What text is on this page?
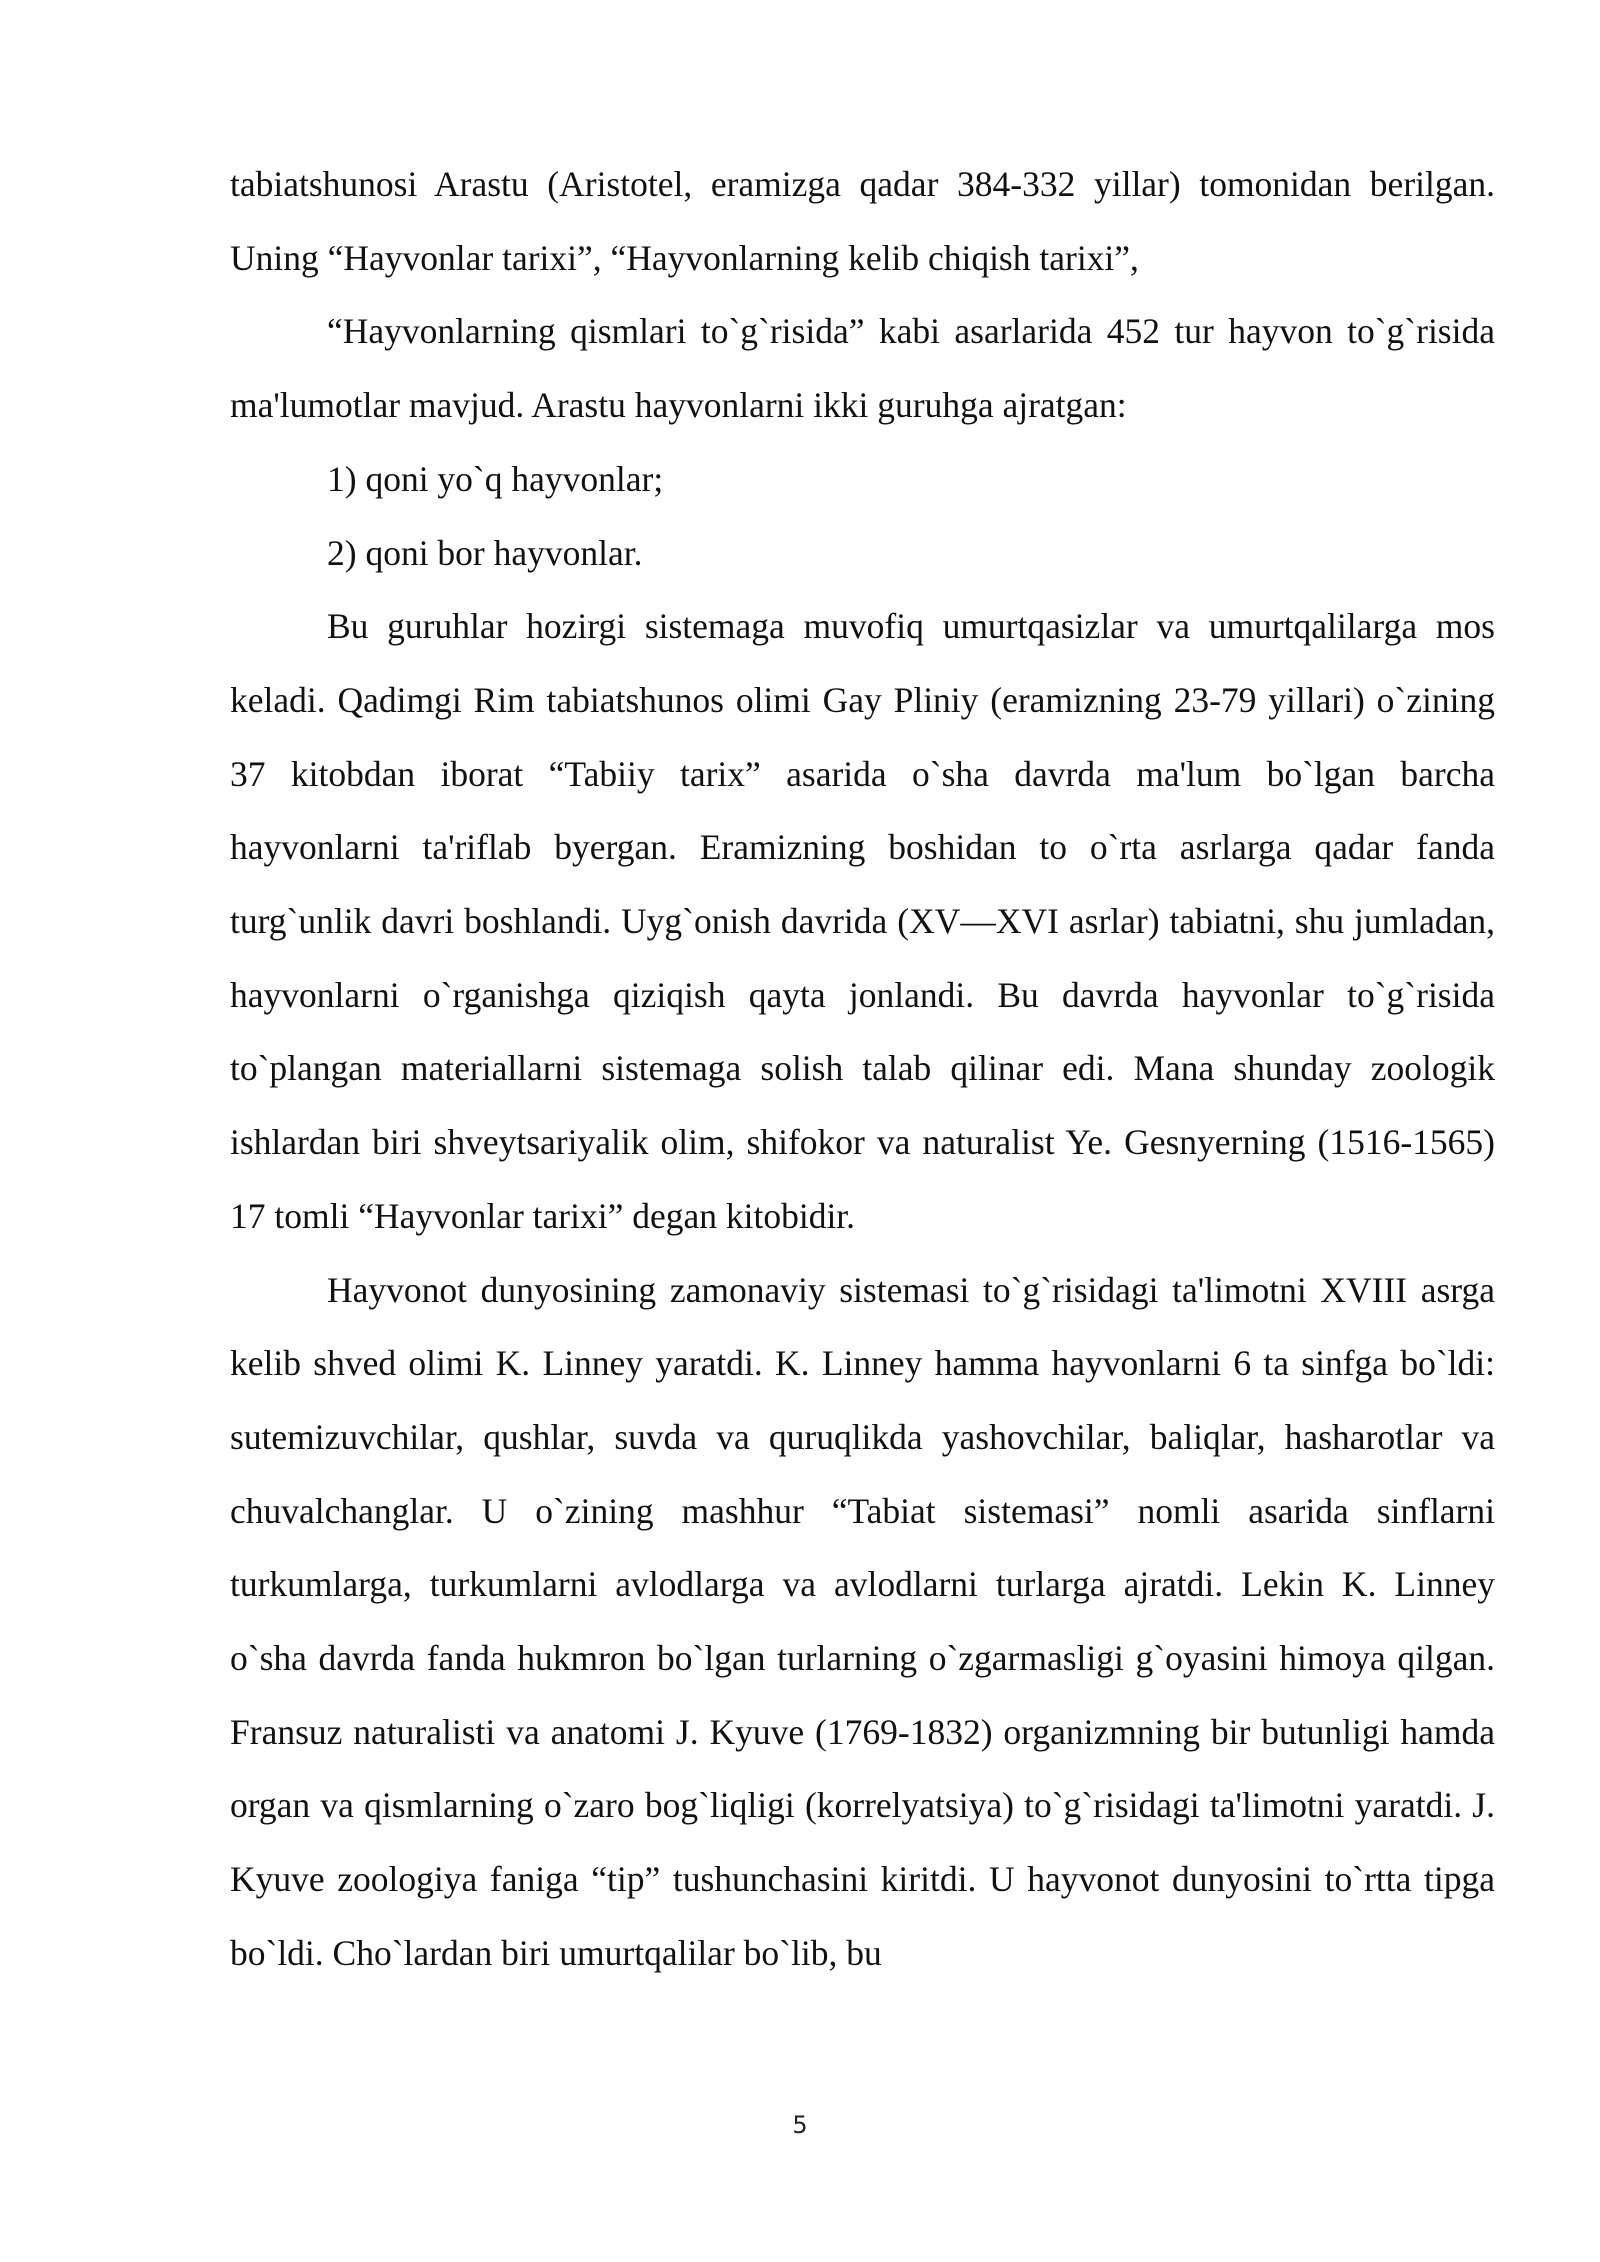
tabiatshunosi Arastu (Aristotel, eramizga qadar 384-332 yillar) tomonidan berilgan. Uning “Hayvonlar tarixi”, “Hayvonlarning kelib chiqish tarixi”,

“Hayvonlarning qismlari to`g`risida” kabi asarlarida 452 tur hayvon to`g`risida ma'lumotlar mavjud. Arastu hayvonlarni ikki guruhga ajratgan:

1) qoni yo`q hayvonlar;

2) qoni bor hayvonlar.

Bu guruhlar hozirgi sistemaga muvofiq umurtqasizlar va umurtqalilarga mos keladi. Qadimgi Rim tabiatshunos olimi Gay Pliniy (eramizning 23-79 yillari) o`zining 37 kitobdan iborat “Tabiiy tarix” asarida o`sha davrda ma'lum bo`lgan barcha hayvonlarni ta'riflab byergan. Eramizning boshidan to o`rta asrlarga qadar fanda turg`unlik davri boshlandi. Uyg`onish davrida (XV—XVI asrlar) tabiatni, shu jumladan, hayvonlarni o`rganishga qiziqish qayta jonlandi. Bu davrda hayvonlar to`g`risida to`plangan materiallarni sistemaga solish talab qilinar edi. Mana shunday zoologik ishlardan biri shveytsariyalik olim, shifokor va naturalist Ye. Gesnyerning (1516-1565) 17 tomli “Hayvonlar tarixi” degan kitobidir.

Hayvonot dunyosining zamonaviy sistemasi to`g`risidagi ta'limotni XVIII asrga kelib shved olimi K. Linney yaratdi. K. Linney hamma hayvonlarni 6 ta sinfga bo`ldi: sutemizuvchilar, qushlar, suvda va quruqlikda yashovchilar, baliqlar, hasharotlar va chuvalchanglar. U o`zining mashhur “Tabiat sistemasi” nomli asarida sinflarni turkumlarga, turkumlarni avlodlarga va avlodlarni turlarga ajratdi. Lekin K. Linney o`sha davrda fanda hukmron bo`lgan turlarning o`zgarmasligi g`oyasini himoya qilgan. Fransuz naturalisti va anatomi J. Kyuve (1769-1832) organizmning bir butunligi hamda organ va qismlarning o`zaro bog`liqligi (korrelyatsiya) to`g`risidagi ta'limotni yaratdi. J. Kyuve zoologiya faniga “tip” tushunchasini kiritdi. U hayvonot dunyosini to`rtta tipga bo`ldi. Cho`lardan biri umurtqalilar bo`lib, bu

5
